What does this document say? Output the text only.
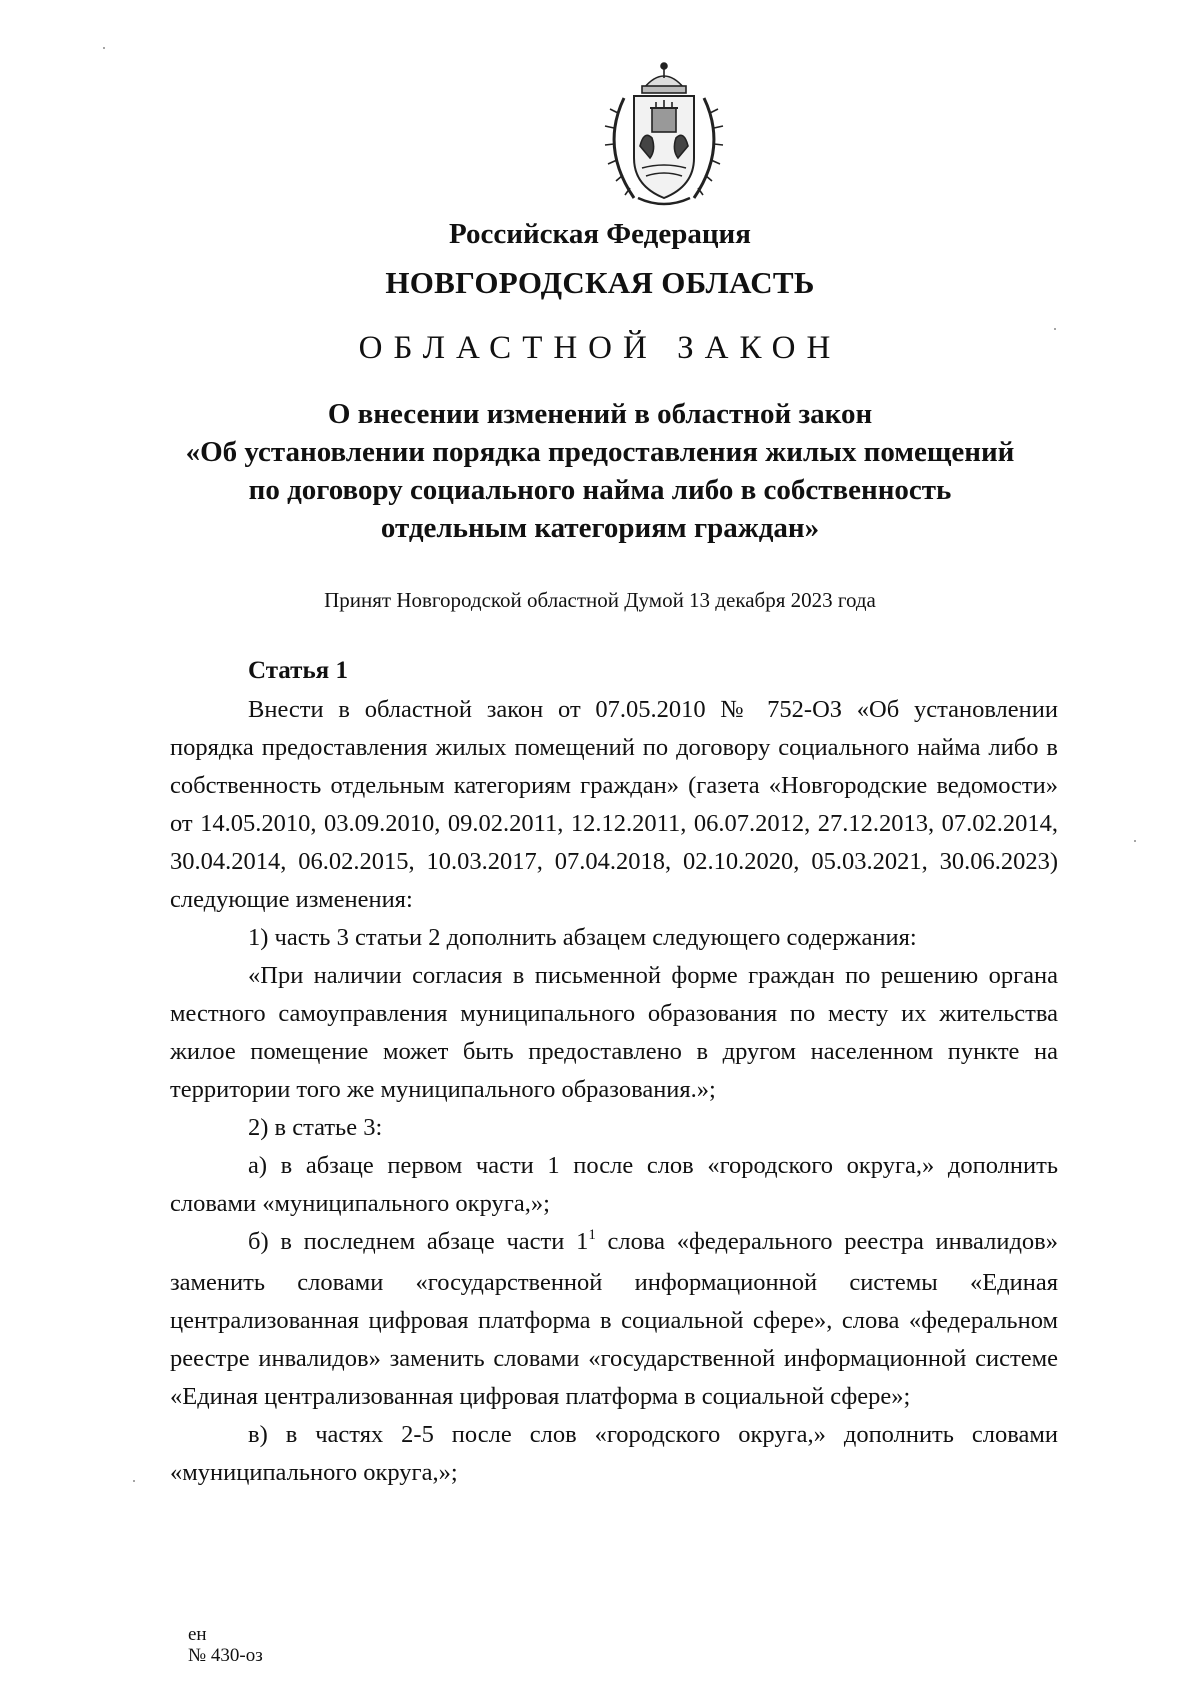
Российская Федерация
НОВГОРОДСКАЯ ОБЛАСТЬ
ОБЛАСТНОЙ ЗАКОН
О внесении изменений в областной закон
«Об установлении порядка предоставления жилых помещений
по договору социального найма либо в собственность
отдельным категориям граждан»
Принят Новгородской областной Думой 13 декабря 2023 года
Статья 1

Внести в областной закон от 07.05.2010 № 752-ОЗ «Об установлении порядка предоставления жилых помещений по договору социального найма либо в собственность отдельным категориям граждан» (газета «Новгородские ведомости» от 14.05.2010, 03.09.2010, 09.02.2011, 12.12.2011, 06.07.2012, 27.12.2013, 07.02.2014, 30.04.2014, 06.02.2015, 10.03.2017, 07.04.2018, 02.10.2020, 05.03.2021, 30.06.2023) следующие изменения:

1) часть 3 статьи 2 дополнить абзацем следующего содержания:

«При наличии согласия в письменной форме граждан по решению органа местного самоуправления муниципального образования по месту их жительства жилое помещение может быть предоставлено в другом населенном пункте на территории того же муниципального образования.»;

2) в статье 3:

а) в абзаце первом части 1 после слов «городского округа,» дополнить словами «муниципального округа,»;

б) в последнем абзаце части $1^1$ слова «федерального реестра инвалидов» заменить словами «государственной информационной системы «Единая централизованная цифровая платформа в социальной сфере», слова «федеральном реестре инвалидов» заменить словами «государственной информационной системе «Единая централизованная цифровая платформа в социальной сфере»;

в) в частях 2-5 после слов «городского округа,» дополнить словами «муниципального округа,»;

ен
№ 430-оз
